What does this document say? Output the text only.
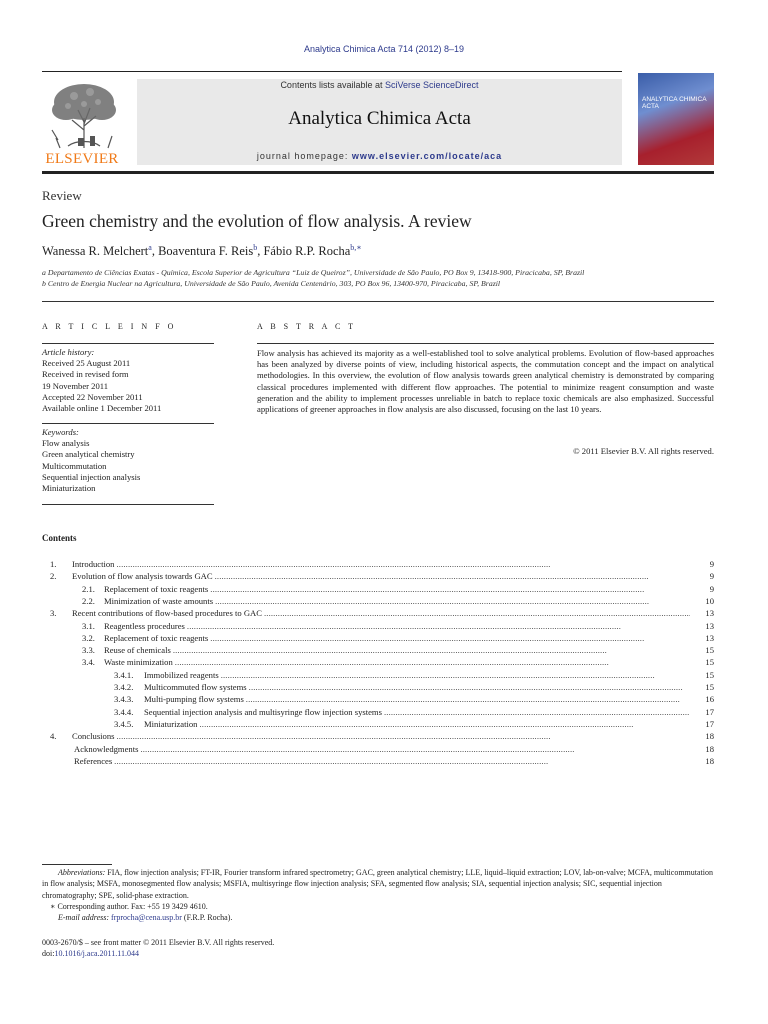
Analytica Chimica Acta 714 (2012) 8–19
ELSEVIER
Contents lists available at SciVerse ScienceDirect
Analytica Chimica Acta
journal homepage: www.elsevier.com/locate/aca
ANALYTICA CHIMICA ACTA
Review
Green chemistry and the evolution of flow analysis. A review
Wanessa R. Melchert$^a$, Boaventura F. Reis$^b$, Fábio R.P. Rocha$^{b,∗}$
a Departamento de Ciências Exatas - Química, Escola Superior de Agricultura “Luiz de Queiroz”, Universidade de São Paulo, PO Box 9, 13418-900, Piracicaba, SP, Brazil
b Centro de Energia Nuclear na Agricultura, Universidade de São Paulo, Avenida Centenário, 303, PO Box 96, 13400-970, Piracicaba, SP, Brazil
A R T I C L E I N F O
Article history:
Received 25 August 2011
Received in revised form
19 November 2011
Accepted 22 November 2011
Available online 1 December 2011
Keywords:
Flow analysis
Green analytical chemistry
Multicommutation
Sequential injection analysis
Miniaturization
A B S T R A C T
Flow analysis has achieved its majority as a well-established tool to solve analytical problems. Evolution of flow-based approaches has been analyzed by diverse points of view, including historical aspects, the commutation concept and the impact on analytical methodologies. In this overview, the evolution of flow analysis towards green analytical chemistry is demonstrated by comparing classical procedures implemented with different flow approaches. The potential to minimize reagent consumption and waste generation and the ability to implement processes unreliable in batch to replace toxic chemicals are also emphasized. Successful applications of greener approaches in flow analysis are also discussed, focusing on the last 10 years.
© 2011 Elsevier B.V. All rights reserved.
Contents
1. Introduction . . .	9
2. Evolution of flow analysis towards GAC . . .	9
2.1. Replacement of toxic reagents . . .	9
2.2. Minimization of waste amounts . . .	10
3. Recent contributions of flow-based procedures to GAC . . .	13
3.1. Reagentless procedures . . .	13
3.2. Replacement of toxic reagents . . .	13
3.3. Reuse of chemicals . . .	15
3.4. Waste minimization . . .	15
3.4.1. Immobilized reagents . . .	15
3.4.2. Multicommuted flow systems . . .	15
3.4.3. Multi-pumping flow systems . . .	16
3.4.4. Sequential injection analysis and multisyringe flow injection systems . . .	17
3.4.5. Miniaturization . . .	17
4. Conclusions . . .	18
Acknowledgments . . .	18
References . . .	18
Abbreviations: FIA, flow injection analysis; FT-IR, Fourier transform infrared spectrometry; GAC, green analytical chemistry; LLE, liquid–liquid extraction; LOV, lab-on-valve; MCFA, multicommutation in flow analysis; MSFA, monosegmented flow analysis; MSFIA, multisyringe flow injection analysis; SFA, segmented flow analysis; SIA, sequential injection analysis; SIC, sequential injection chromatography; SPE, solid-phase extraction.
∗ Corresponding author. Fax: +55 19 3429 4610.
E-mail address: frprocha@cena.usp.br (F.R.P. Rocha).
0003-2670/$ – see front matter © 2011 Elsevier B.V. All rights reserved.
doi:10.1016/j.aca.2011.11.044
